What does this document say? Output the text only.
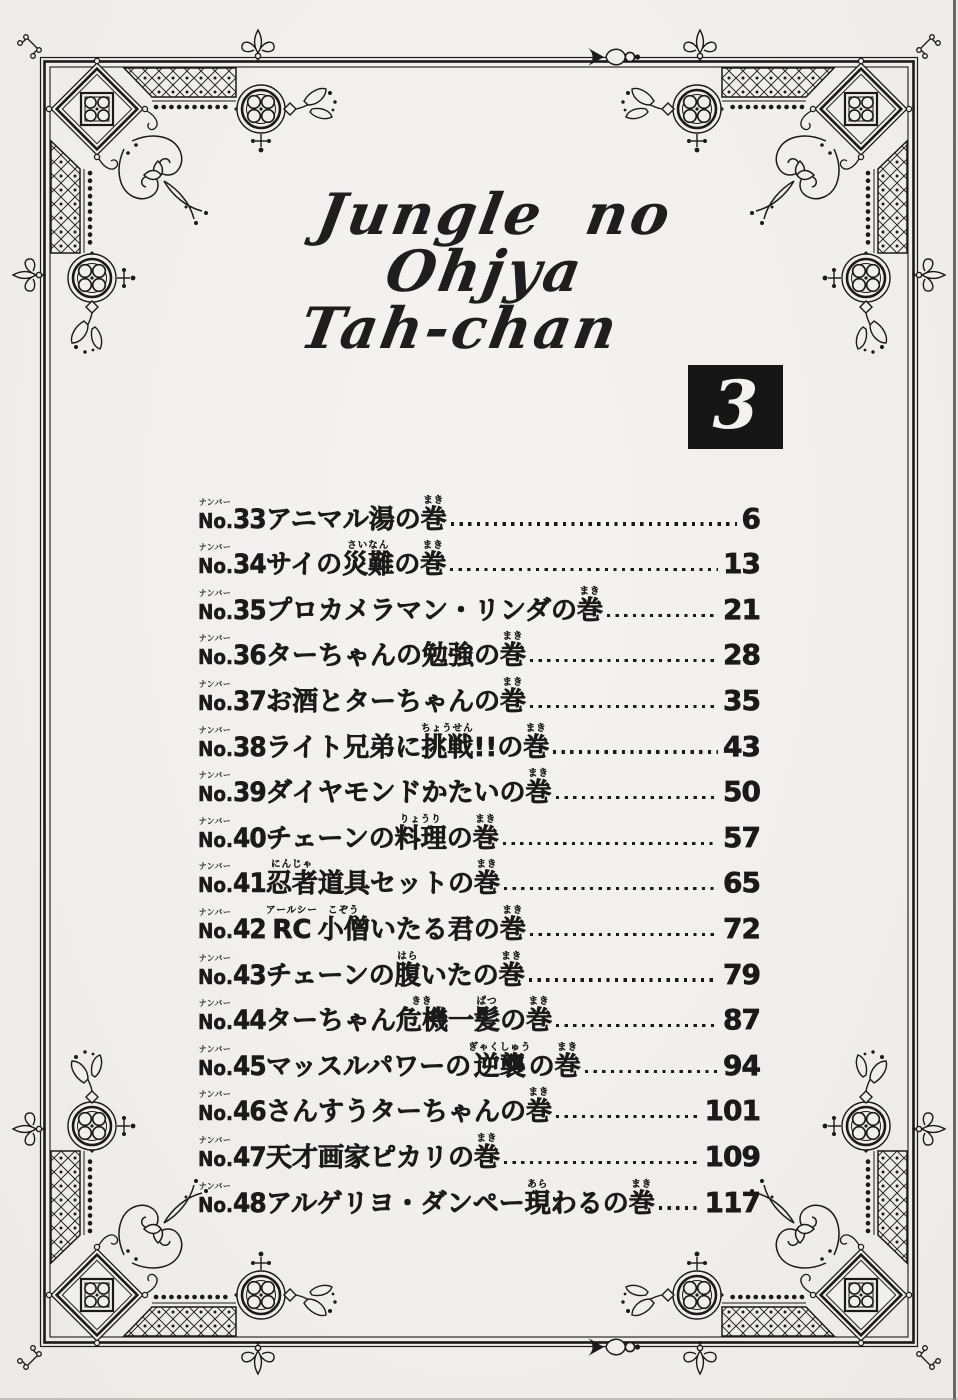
Jungle no Ohjya
Tah-chan
3
ナンバー
No. 33 アニマル湯の巻まき
6
ナンバー
No. 34 サイの災難さいなんの巻まき
13
ナンバー
No. 35 プロカメラマン・リンダの巻まき
21
ナンバー
No. 36 ターちゃんの勉強の巻まき
28
ナンバー
No. 37 お酒とターちゃんの巻まき
35
ナンバー
No. 38 ライト兄弟に挑戦ちょうせん!!の巻まき
43
ナンバー
No. 39 ダイヤモンドかたいの巻まき
50
ナンバー
No. 40 チェーンの料理りょうりの巻まき
57
ナンバー
No. 41 忍者にんじゃ道具セットの巻まき
65
ナンバー
No. 42 RCアールシー小僧こぞういたる君の巻まき
72
ナンバー
No. 43 チェーンの腹はらいたの巻まき
79
ナンバー
No. 44 ターちゃん危機きき一髪ぱつの巻まき
87
ナンバー
No. 45 マッスルパワーの逆襲ぎゃくしゅうの巻まき
94
ナンバー
No. 46 さんすうターちゃんの巻まき
101
ナンバー
No. 47 天才画家ピカリの巻まき
109
ナンバー
No. 48 アルゲリヨ・ダンペー現あらわるの巻まき
117
